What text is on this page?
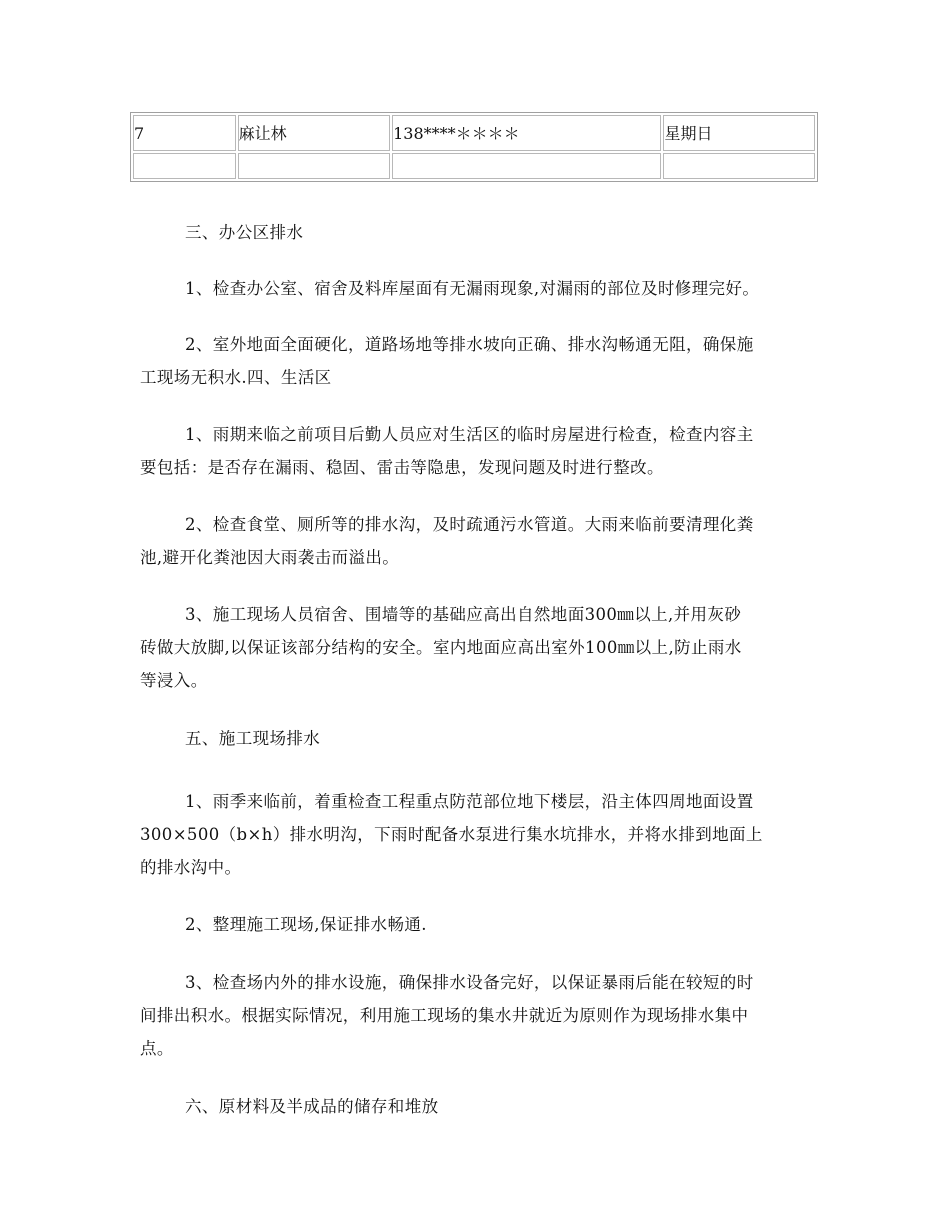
7	麻让林	138****＊＊＊＊	星期日

三、办公区排水

1、检查办公室、宿舍及料库屋面有无漏雨现象,对漏雨的部位及时修理完好。

2、室外地面全面硬化，道路场地等排水坡向正确、排水沟畅通无阻，确保施
工现场无积水.四、生活区

1、雨期来临之前项目后勤人员应对生活区的临时房屋进行检查，检查内容主
要包括：是否存在漏雨、稳固、雷击等隐患，发现问题及时进行整改。

2、检查食堂、厕所等的排水沟，及时疏通污水管道。大雨来临前要清理化粪
池,避开化粪池因大雨袭击而溢出。

3、施工现场人员宿舍、围墙等的基础应高出自然地面300㎜以上,并用灰砂
砖做大放脚,以保证该部分结构的安全。室内地面应高出室外100㎜以上,防止雨水
等浸入。

五、施工现场排水

1、雨季来临前，着重检查工程重点防范部位地下楼层，沿主体四周地面设置
300×500（b×h）排水明沟，下雨时配备水泵进行集水坑排水，并将水排到地面上
的排水沟中。

2、整理施工现场,保证排水畅通.

3、检查场内外的排水设施，确保排水设备完好，以保证暴雨后能在较短的时
间排出积水。根据实际情况，利用施工现场的集水井就近为原则作为现场排水集中
点。

六、原材料及半成品的储存和堆放
